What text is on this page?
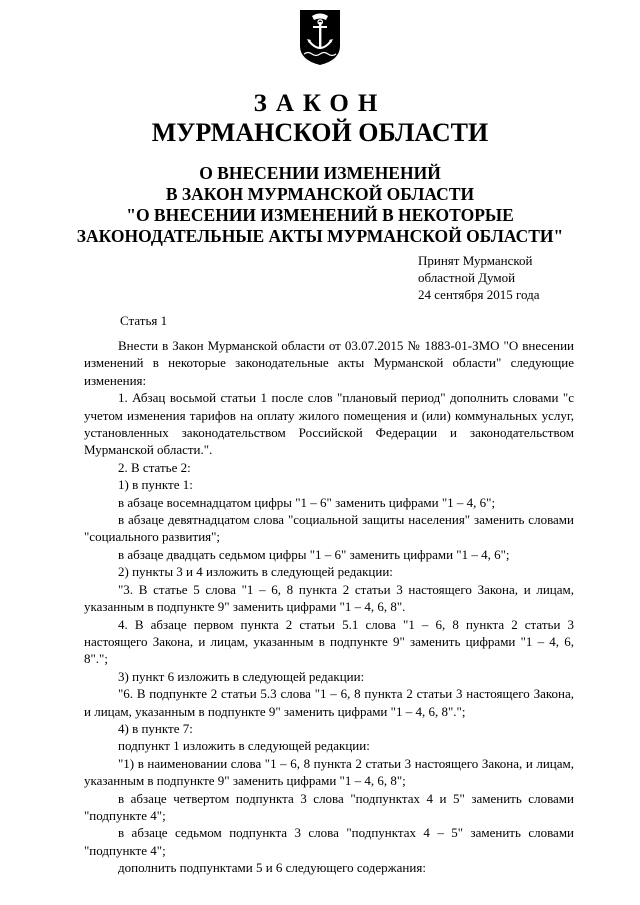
ЗАКОН
МУРМАНСКОЙ ОБЛАСТИ
О ВНЕСЕНИИ ИЗМЕНЕНИЙ
В ЗАКОН МУРМАНСКОЙ ОБЛАСТИ
"О ВНЕСЕНИИ ИЗМЕНЕНИЙ В НЕКОТОРЫЕ
ЗАКОНОДАТЕЛЬНЫЕ АКТЫ МУРМАНСКОЙ ОБЛАСТИ"
Принят Мурманской
областной Думой
24 сентября 2015 года
Статья 1

Внести в Закон Мурманской области от 03.07.2015 № 1883-01-ЗМО "О внесении изменений в некоторые законодательные акты Мурманской области" следующие изменения:

1. Абзац восьмой статьи 1 после слов "плановый период" дополнить словами "с учетом изменения тарифов на оплату жилого помещения и (или) коммунальных услуг, установленных законодательством Российской Федерации и законодательством Мурманской области.".

2. В статье 2:

1) в пункте 1:

в абзаце восемнадцатом цифры "1 – 6" заменить цифрами "1 – 4, 6";

в абзаце девятнадцатом слова "социальной защиты населения" заменить словами "социального развития";

в абзаце двадцать седьмом цифры "1 – 6" заменить цифрами "1 – 4, 6";

2) пункты 3 и 4 изложить в следующей редакции:

"3. В статье 5 слова "1 – 6, 8 пункта 2 статьи 3 настоящего Закона, и лицам, указанным в подпункте 9" заменить цифрами "1 – 4, 6, 8".

4. В абзаце первом пункта 2 статьи 5.1 слова "1 – 6, 8 пункта 2 статьи 3 настоящего Закона, и лицам, указанным в подпункте 9" заменить цифрами "1 – 4, 6, 8".";

3) пункт 6 изложить в следующей редакции:

"6. В подпункте 2 статьи 5.3 слова "1 – 6, 8 пункта 2 статьи 3 настоящего Закона, и лицам, указанным в подпункте 9" заменить цифрами "1 – 4, 6, 8".";

4) в пункте 7:

подпункт 1 изложить в следующей редакции:

"1) в наименовании слова "1 – 6, 8 пункта 2 статьи 3 настоящего Закона, и лицам, указанным в подпункте 9" заменить цифрами "1 – 4, 6, 8";

в абзаце четвертом подпункта 3 слова "подпунктах 4 и 5" заменить словами "подпункте 4";

в абзаце седьмом подпункта 3 слова "подпунктах 4 – 5" заменить словами "подпункте 4";

дополнить подпунктами 5 и 6 следующего содержания:
